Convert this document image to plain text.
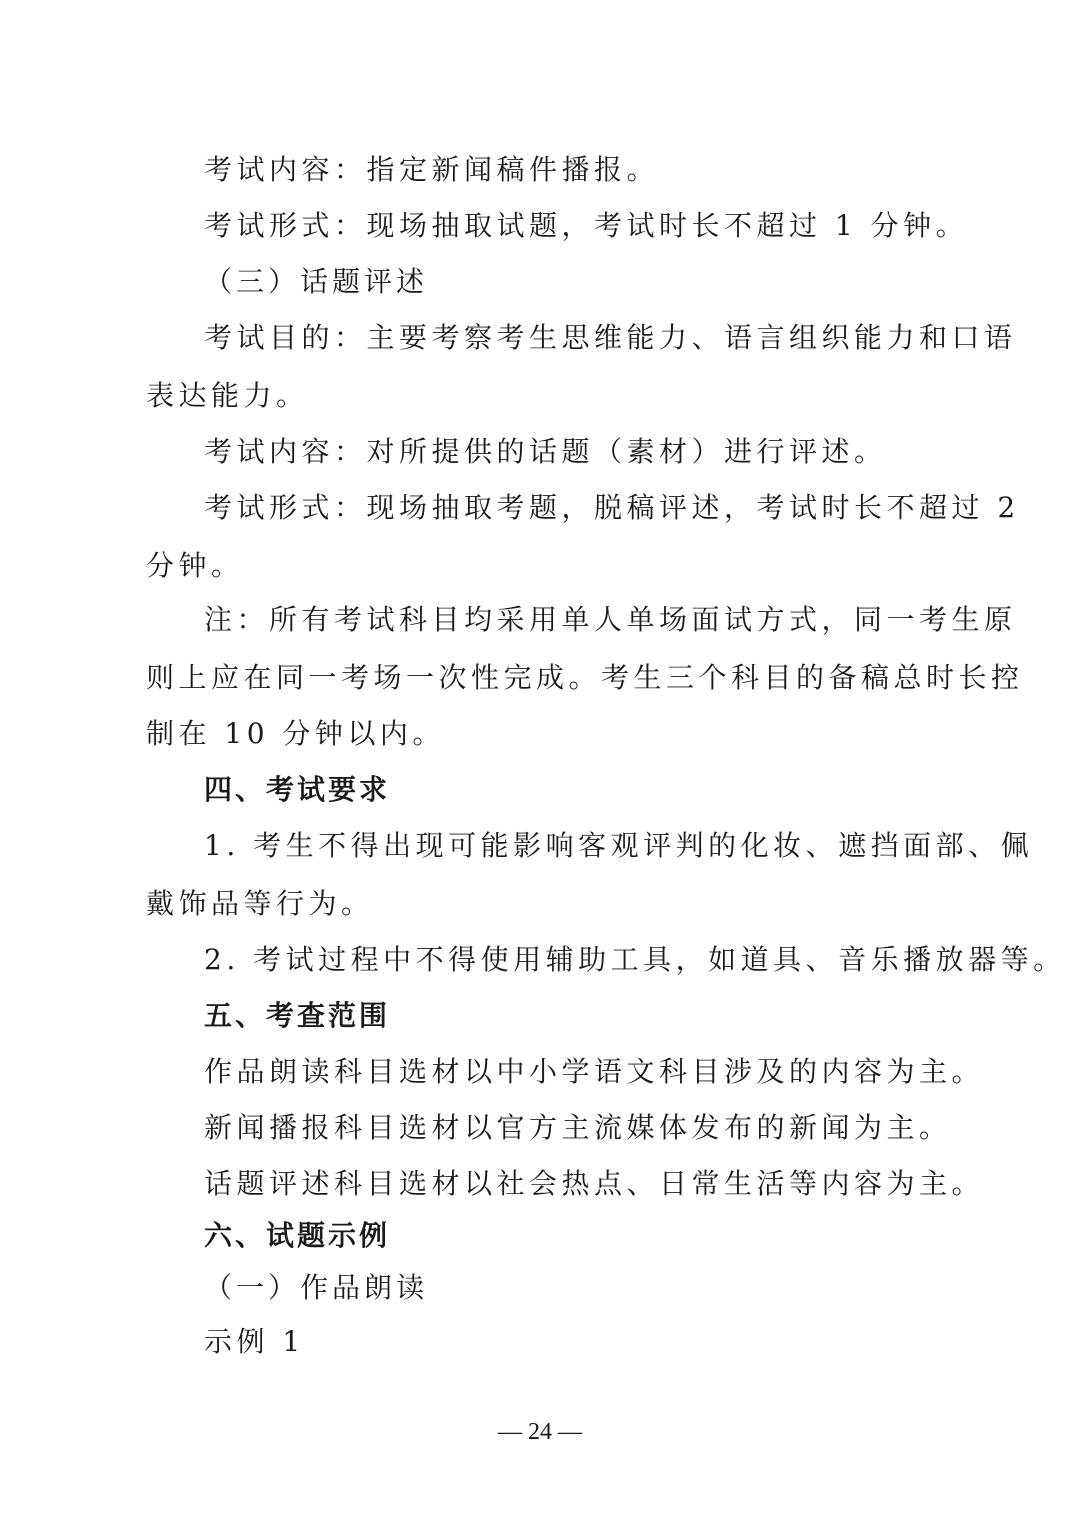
考试内容：指定新闻稿件播报。
考试形式：现场抽取试题，考试时长不超过 1 分钟。
（三）话题评述
考试目的：主要考察考生思维能力、语言组织能力和口语
表达能力。
考试内容：对所提供的话题（素材）进行评述。
考试形式：现场抽取考题，脱稿评述，考试时长不超过 2
分钟。
注：所有考试科目均采用单人单场面试方式，同一考生原
则上应在同一考场一次性完成。考生三个科目的备稿总时长控
制在 10 分钟以内。
四、考试要求
1. 考生不得出现可能影响客观评判的化妆、遮挡面部、佩
戴饰品等行为。
2. 考试过程中不得使用辅助工具，如道具、音乐播放器等。
五、考查范围
作品朗读科目选材以中小学语文科目涉及的内容为主。
新闻播报科目选材以官方主流媒体发布的新闻为主。
话题评述科目选材以社会热点、日常生活等内容为主。
六、试题示例
（一）作品朗读
示例 1
— 24 —
